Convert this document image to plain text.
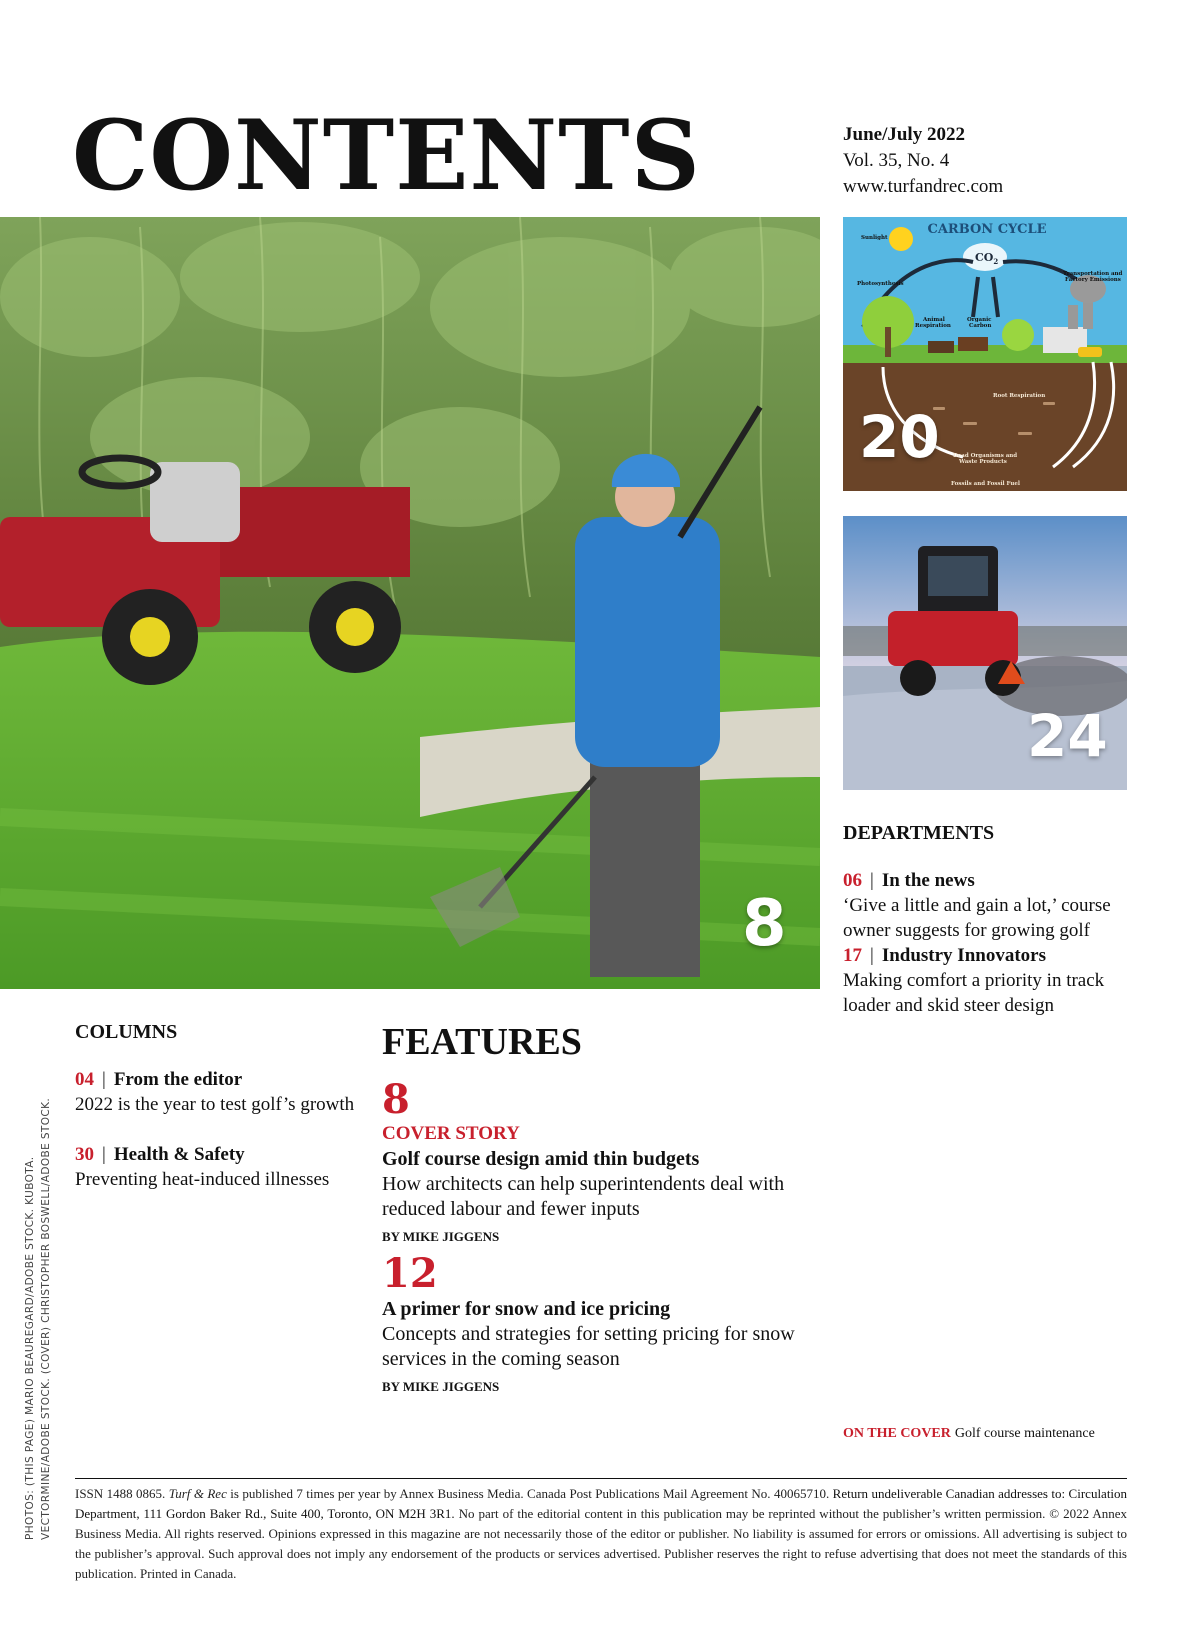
CONTENTS	June/July 2022
Vol. 35, No. 4
www.turfandrec.com
8
CARBON CYCLE
$CO_2$
Sunlight
Photosynthesis
Transportation and
Factory Emissions
Animal
Respiration
Organic
Carbon
Root Respiration
Dead Organisms and
Waste Products
Fossils and Fossil Fuel
20
24
DEPARTMENTS
06 | In the news
‘Give a little and gain a lot,’ course owner suggests for growing golf
17 | Industry Innovators
Making comfort a priority in track loader and skid steer design
COLUMNS
04 | From the editor
2022 is the year to test golf’s growth
30 | Health & Safety
Preventing heat-induced illnesses
FEATURES
8
COVER STORY
Golf course design amid thin budgets
How architects can help superintendents deal with reduced labour and fewer inputs
BY MIKE JIGGENS
12
A primer for snow and ice pricing
Concepts and strategies for setting pricing for snow services in the coming season
BY MIKE JIGGENS
ON THE COVER Golf course maintenance
PHOTOS: (THIS PAGE) MARIO BEAUREGARD/ADOBE STOCK. KUBOTA. VECTORMINE/ADOBE STOCK. (COVER) CHRISTOPHER BOSWELL/ADOBE STOCK. ISSN 1488 0865. Turf & Rec is published 7 times per year by Annex Business Media. Canada Post Publications Mail Agreement No. 40065710. Return undeliverable Canadian addresses to: Circulation Department, 111 Gordon Baker Rd., Suite 400, Toronto, ON M2H 3R1. No part of the editorial content in this publication may be reprinted without the publisher’s written permission. © 2022 Annex Business Media. All rights reserved. Opinions expressed in this magazine are not necessarily those of the editor or publisher. No liability is assumed for errors or omissions. All advertising is subject to the publisher’s approval. Such approval does not imply any endorsement of the products or services advertised. Publisher reserves the right to refuse advertising that does not meet the standards of this publication. Printed in Canada.
